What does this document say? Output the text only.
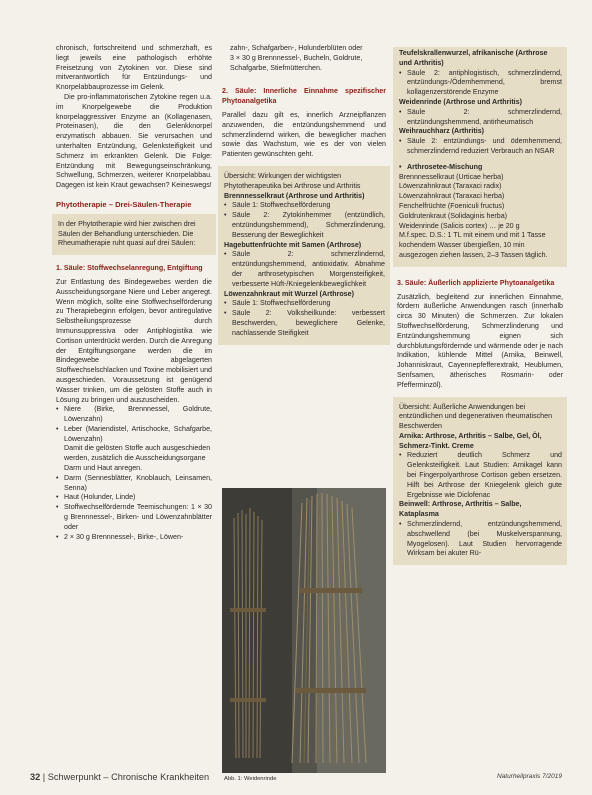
chronisch, fortschreitend und schmerzhaft, es liegt jeweils eine pathologisch erhöhte Freisetzung von Zytokinen vor. Diese sind mitverantwortlich für Entzündungs- und Knorpelabbauprozesse im Gelenk.

Die pro-inflammatorischen Zytokine regen u.a. im Knorpelgewebe die Produktion knorpelaggressiver Enzyme an (Kollagenasen, Proteinasen), die den Gelenkknorpel enzymatisch abbauen. Sie verursachen und unterhalten Entzündung, Gelenksteifigkeit und Schmerz im erkrankten Gelenk. Die Folge: Entzündung mit Bewegungseinschränkung, Schwellung, Schmerzen, weiterer Knorpelabbau. Dagegen ist kein Kraut gewachsen? Keineswegs!

Phytotherapie – Drei-Säulen-Therapie

In der Phytotherapie wird hier zwischen drei Säulen der Behandlung unterschieden. Die Rheumatherapie ruht quasi auf drei Säulen:

1. Säule: Stoffwechselanregung, Entgiftung

Zur Entlastung des Bindegewebes werden die Ausscheidungsorgane Niere und Leber angeregt. Wenn möglich, sollte eine Stoffwechselförderung zu Therapiebeginn erfolgen, bevor antiregulative Selbstheilungsprozesse durch Immunsuppressiva oder Antiphlogistika wie Cortison unterdrückt werden. Durch die Anregung der Entgiftungsorgane werden die im Bindegewebe abgelagerten Stoffwechselschlacken und Toxine mobilisiert und ausgeschieden. Voraussetzung ist genügend Wasser trinken, um die gelösten Stoffe auch in Lösung zu bringen und auszuscheiden.

• Niere (Birke, Brennnessel, Goldrute, Löwenzahn)
• Leber (Mariendistel, Artischocke, Schafgarbe, Löwenzahn)

Damit die gelösten Stoffe auch ausgeschieden werden, zusätzlich die Ausscheidungsorgane Darm und Haut anregen.

• Darm (Sennesblätter, Knoblauch, Leinsamen, Senna)
• Haut (Holunder, Linde)
• Stoffwechselfördernde Teemischungen: 1 × 30 g Brennnessel-, Birken- und Löwenzahnblätter oder
• 2 × 30 g Brennnessel-, Birke-, Löwen-

zahn-, Schafgarben-, Holunderblüten oder

3 × 30 g Brennnessel-, Bucheln, Goldrute, Schafgarbe, Stiefmütterchen.

2. Säule: Innerliche Einnahme spezifischer Phytoanalgetika

Parallel dazu gilt es, innerlich Arzneipflanzen anzuwenden, die entzündungshemmend und schmerzlindernd wirken, die beweglicher machen sowie das Wachstum, wie es der von vielen Patienten gewünschten geht.

Übersicht: Wirkungen der wichtigsten Phytotherapeutika bei Arthrose und Arthritis

Brennnesselkraut (Arthrose und Arthritis)

• Säule 1: Stoffwechselförderung
• Säule 2: Zytokinhemmer (entzündlich, entzündungshemmend), Schmerzlinderung, Besserung der Beweglichkeit

Hagebuttenfrüchte mit Samen (Arthrose)

• Säule 2: schmerzlindernd, entzündungshemmend, antioxidativ. Abnahme der arthrosetypischen Morgensteifigkeit, verbesserte Hüft-/Kniegelenkbeweglichkeit

Löwenzahnkraut mit Wurzel (Arthrose)

• Säule 1: Stoffwechselförderung
• Säule 2: Volksheilkunde: verbessert Beschwerden, beweglichere Gelenke, nachlassende Steifigkeit
Abb. 1: Weidenrinde

Teufelskrallenwurzel, afrikanische (Arthrose und Arthritis)

• Säule 2: antiphlogistisch, schmerzlindernd, entzündungs-/Ödemhemmend, bremst kollagenzerstörende Enzyme

Weidenrinde (Arthrose und Arthritis)

• Säule 2: schmerzlindernd, entzündungshemmend, antirheumatisch

Weihrauchharz (Arthritis)

• Säule 2: entzündungs- und ödemhemmend, schmerzlindernd reduziert Verbrauch an NSAR
• Arthrosetee-Mischung

Brennnesselkraut (Urticae herba)

Löwenzahnkraut (Taraxaci radix)

Löwenzahnkraut (Taraxaci herba)

Fenchelfrüchte (Foeniculi fructus)

Goldrutenkraut (Solidaginis herba)

Weidenrinde (Salicis cortex) … je 20 g

M.f.spec. D.S.: 1 TL mit einem und mit 1 Tasse kochendem Wasser übergießen, 10 min ausgezogen ziehen lassen, 2–3 Tassen täglich.

3. Säule: Äußerlich applizierte Phytoanalgetika

Zusätzlich, begleitend zur innerlichen Einnahme, fördern äußerliche Anwendungen rasch (innerhalb circa 30 Minuten) die Schmerzen. Zur lokalen Stoffwechselförderung, Schmerzlinderung und Entzündungshemmung eignen sich durchblutungsfördernde und wärmende oder je nach Indikation, kühlende Mittel (Arnika, Beinwell, Johanniskraut, Cayennepfefferextrakt, Heublumen, Senfsamen, ätherisches Rosmarin- oder Pfefferminzöl).

Übersicht: Äußerliche Anwendungen bei entzündlichen und degenerativen rheumatischen Beschwerden

Arnika: Arthrose, Arthritis – Salbe, Gel, Öl, Schmerz-Tinkt. Creme

• Reduziert deutlich Schmerz und Gelenksteifigkeit. Laut Studien: Arnikagel kann bei Fingerpolyarthrose Cortison geben ersetzen. Hilft bei Arthrose der Kniegelenk gleich gute Ergebnisse wie Diclofenac

Beinwell: Arthrose, Arthritis – Salbe, Kataplasma

• Schmerzlindernd, entzündungshemmend, abschwellend (bei Muskelverspannung, Myogelosen). Laut Studien hervorragende Wirksam bei akuter Rü-
32 | Schwerpunkt – Chronische Krankheiten	Naturheilpraxis 7/2019
